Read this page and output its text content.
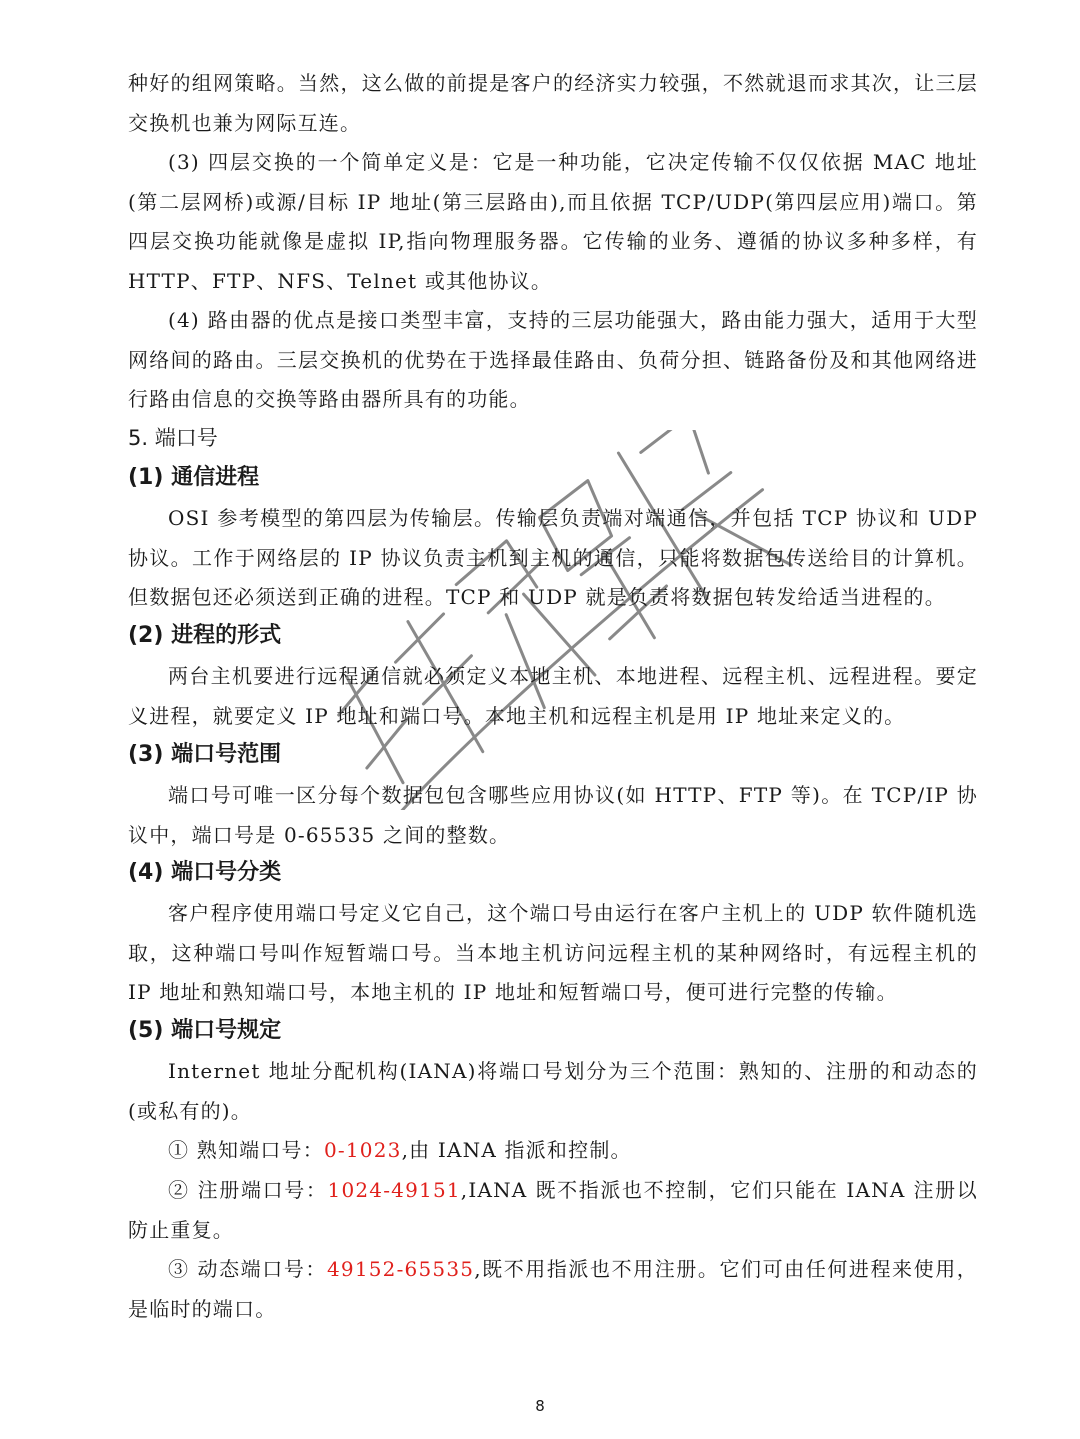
种好的组网策略。当然，这么做的前提是客户的经济实力较强，不然就退而求其次，让三层交换机也兼为网际互连。

(3) 四层交换的一个简单定义是：它是一种功能，它决定传输不仅仅依据 MAC 地址(第二层网桥)或源/目标 IP 地址(第三层路由),而且依据 TCP/UDP(第四层应用)端口。第四层交换功能就像是虚拟 IP,指向物理服务器。它传输的业务、遵循的协议多种多样，有 HTTP、FTP、NFS、Telnet 或其他协议。

(4) 路由器的优点是接口类型丰富，支持的三层功能强大，路由能力强大，适用于大型网络间的路由。三层交换机的优势在于选择最佳路由、负荷分担、链路备份及和其他网络进行路由信息的交换等路由器所具有的功能。

5. 端口号
(1) 通信进程

OSI 参考模型的第四层为传输层。传输层负责端对端通信，并包括 TCP 协议和 UDP 协议。工作于网络层的 IP 协议负责主机到主机的通信，只能将数据包传送给目的计算机。但数据包还必须送到正确的进程。TCP 和 UDP 就是负责将数据包转发给适当进程的。

(2) 进程的形式

两台主机要进行远程通信就必须定义本地主机、本地进程、远程主机、远程进程。要定义进程，就要定义 IP 地址和端口号。本地主机和远程主机是用 IP 地址来定义的。

(3) 端口号范围

端口号可唯一区分每个数据包包含哪些应用协议(如 HTTP、FTP 等)。在 TCP/IP 协议中，端口号是 0-65535 之间的整数。

(4) 端口号分类

客户程序使用端口号定义它自己，这个端口号由运行在客户主机上的 UDP 软件随机选取，这种端口号叫作短暂端口号。当本地主机访问远程主机的某种网络时，有远程主机的 IP 地址和熟知端口号，本地主机的 IP 地址和短暂端口号，便可进行完整的传输。

(5) 端口号规定

Internet 地址分配机构(IANA)将端口号划分为三个范围：熟知的、注册的和动态的(或私有的)。

① 熟知端口号：0-1023,由 IANA 指派和控制。

② 注册端口号：1024-49151,IANA 既不指派也不控制，它们只能在 IANA 注册以防止重复。

③ 动态端口号：49152-65535,既不用指派也不用注册。它们可由任何进程来使用，是临时的端口。

8
